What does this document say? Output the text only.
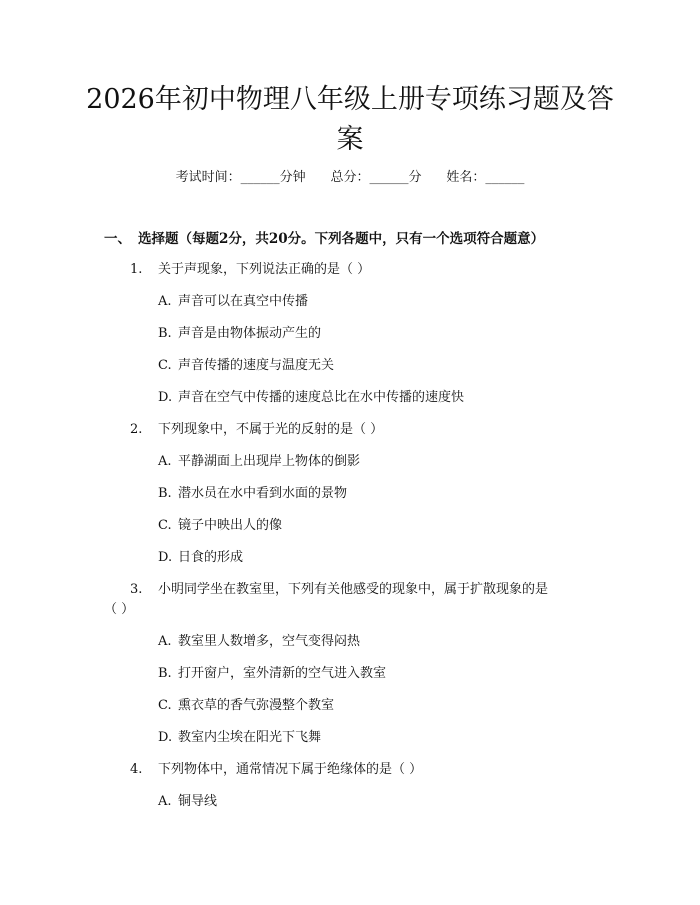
2026年初中物理八年级上册专项练习题及答
案
考试时间：______分钟 总分：______分 姓名：______
一、 选择题（每题2分，共20分。下列各题中，只有一个选项符合题意）
1. 关于声现象，下列说法正确的是（ ）
A. 声音可以在真空中传播
B. 声音是由物体振动产生的
C. 声音传播的速度与温度无关
D. 声音在空气中传播的速度总比在水中传播的速度快
2. 下列现象中，不属于光的反射的是（ ）
A. 平静湖面上出现岸上物体的倒影
B. 潜水员在水中看到水面的景物
C. 镜子中映出人的像
D. 日食的形成
3. 小明同学坐在教室里，下列有关他感受的现象中，属于扩散现象的是
（ ）
A. 教室里人数增多，空气变得闷热
B. 打开窗户，室外清新的空气进入教室
C. 熏衣草的香气弥漫整个教室
D. 教室内尘埃在阳光下飞舞
4. 下列物体中，通常情况下属于绝缘体的是（ ）
A. 铜导线
